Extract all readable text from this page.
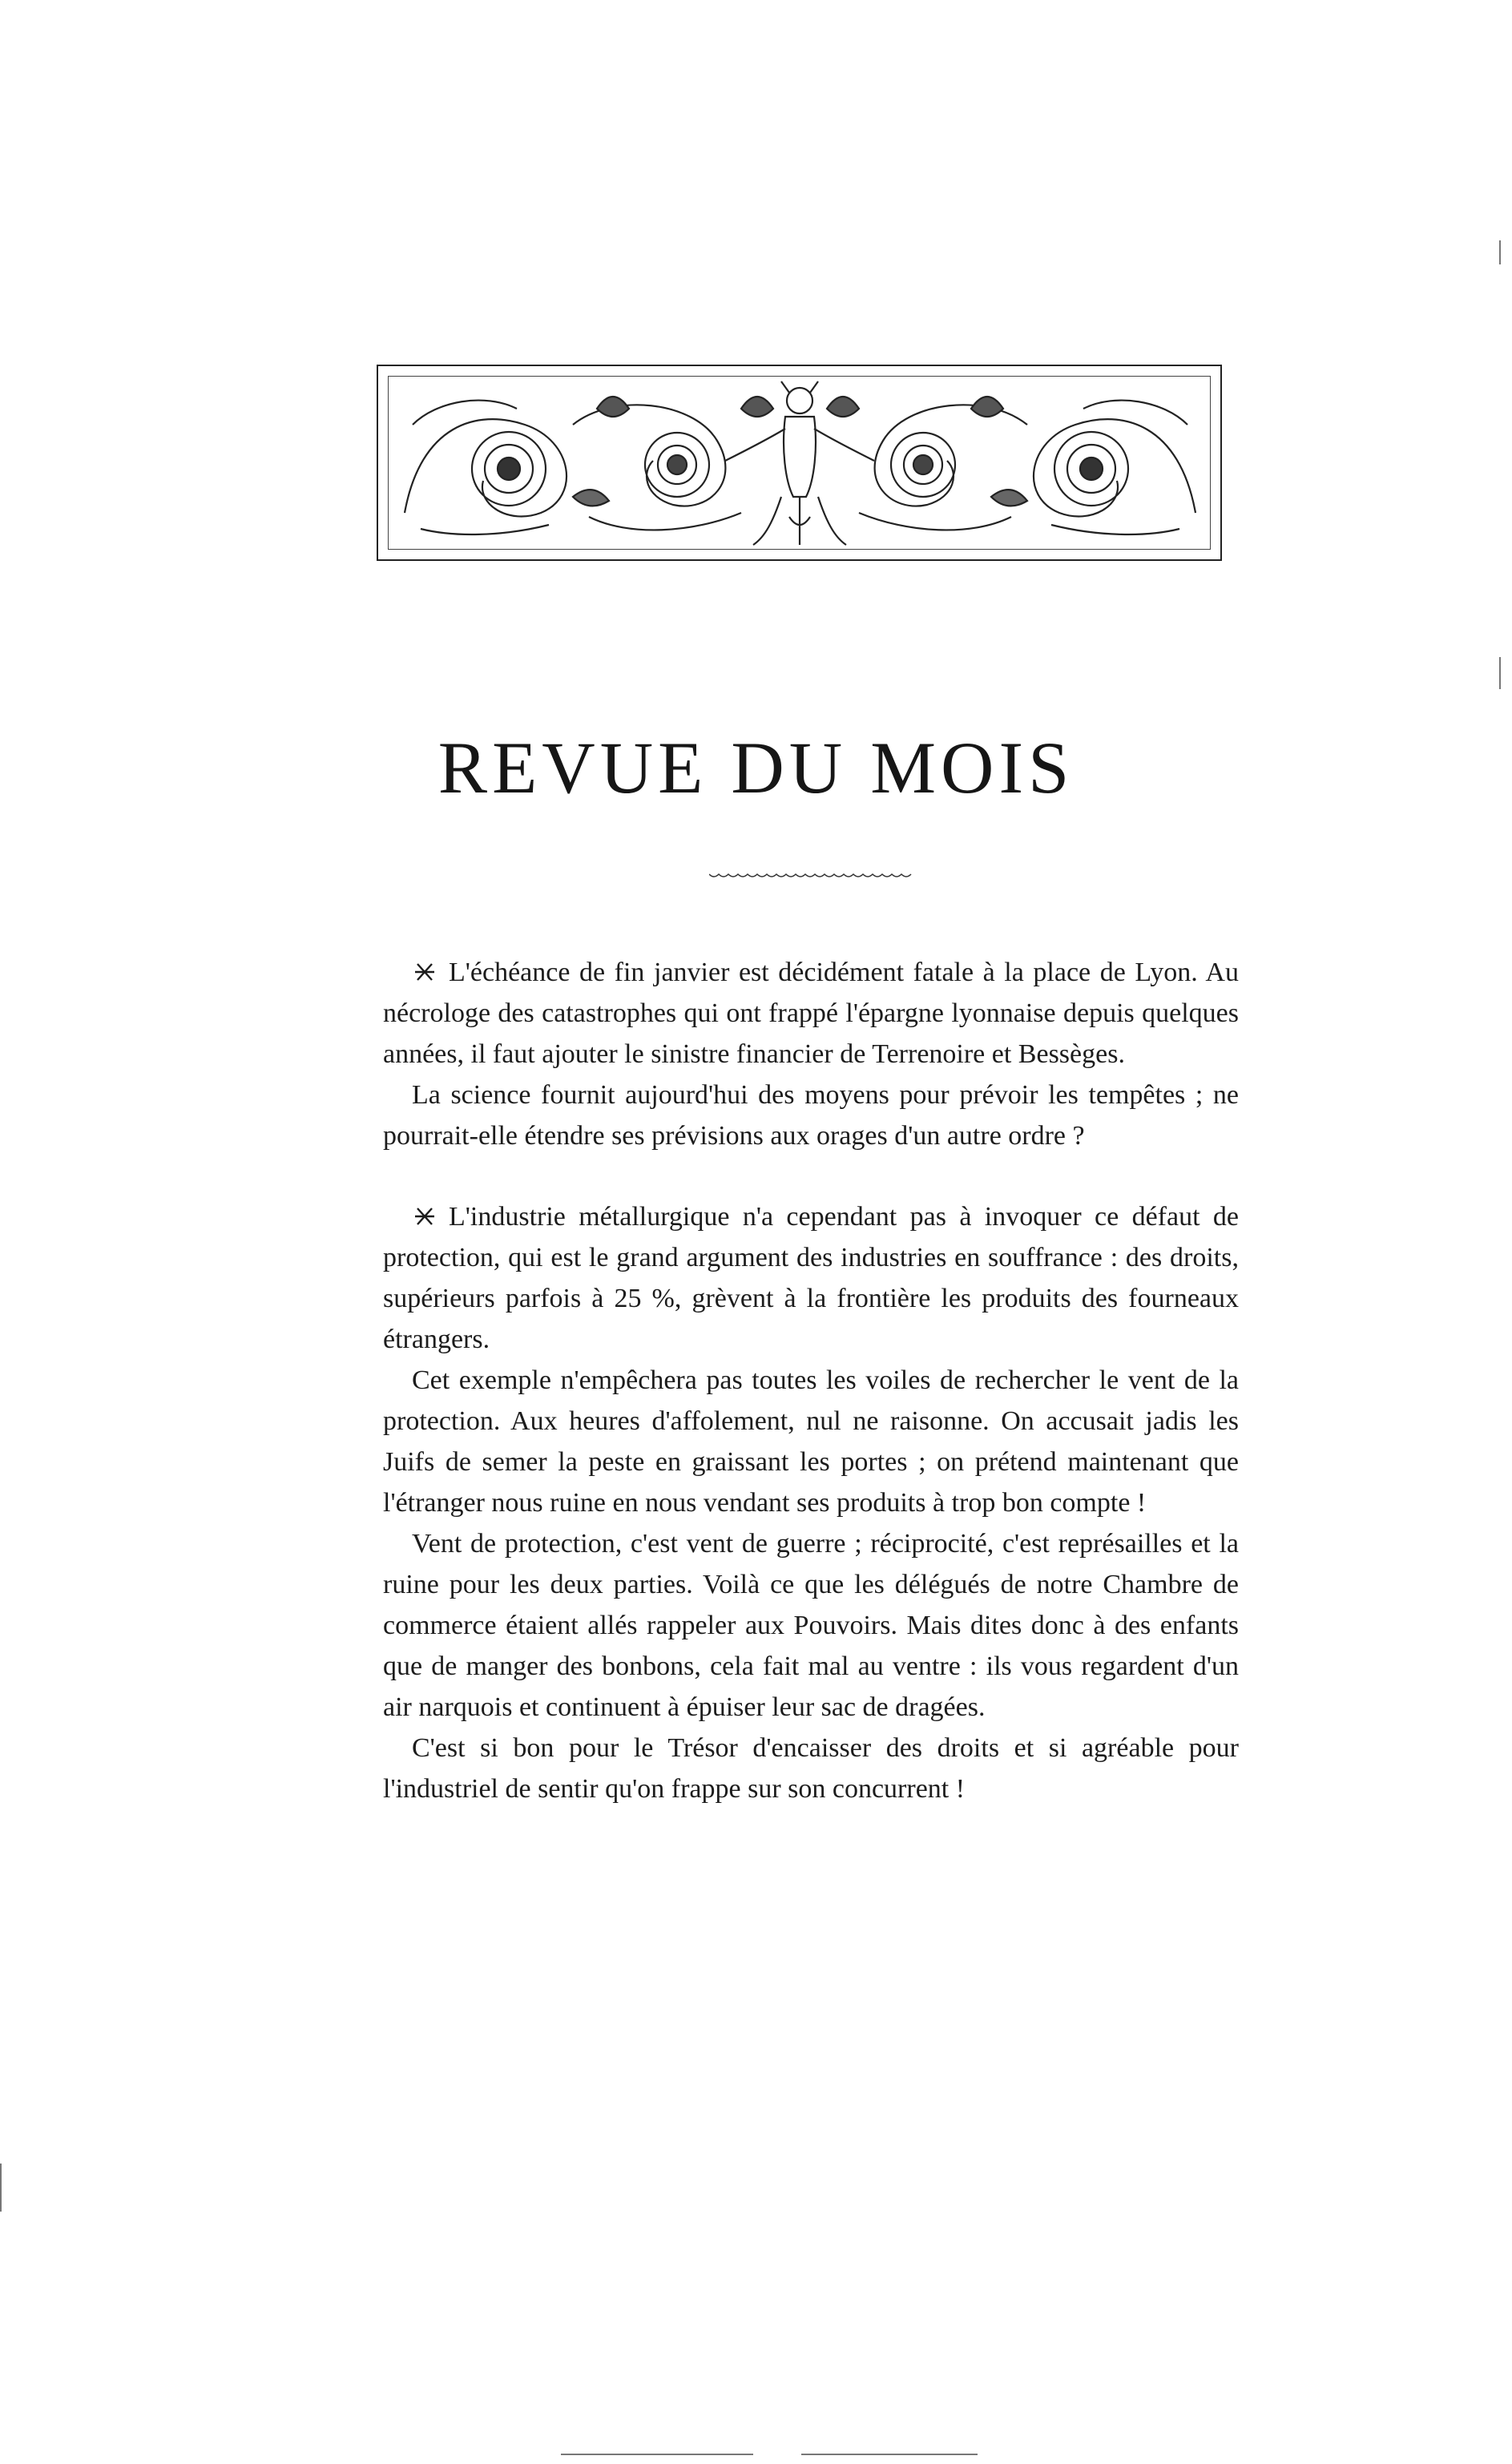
REVUE DU MOIS

L'échéance de fin janvier est décidément fatale à la place de Lyon. Au nécrologe des catastrophes qui ont frappé l'épargne lyonnaise depuis quelques années, il faut ajouter le sinistre financier de Terrenoire et Bessèges.

La science fournit aujourd'hui des moyens pour prévoir les tempêtes ; ne pourrait-elle étendre ses prévisions aux orages d'un autre ordre ?

L'industrie métallurgique n'a cependant pas à invoquer ce défaut de protection, qui est le grand argument des industries en souffrance : des droits, supérieurs parfois à 25 %, grèvent à la frontière les produits des fourneaux étrangers.

Cet exemple n'empêchera pas toutes les voiles de rechercher le vent de la protection. Aux heures d'affolement, nul ne raisonne. On accusait jadis les Juifs de semer la peste en graissant les portes ; on prétend maintenant que l'étranger nous ruine en nous vendant ses produits à trop bon compte !

Vent de protection, c'est vent de guerre ; réciprocité, c'est représailles et la ruine pour les deux parties. Voilà ce que les délégués de notre Chambre de commerce étaient allés rappeler aux Pouvoirs. Mais dites donc à des enfants que de manger des bonbons, cela fait mal au ventre : ils vous regardent d'un air narquois et continuent à épuiser leur sac de dragées.

C'est si bon pour le Trésor d'encaisser des droits et si agréable pour l'industriel de sentir qu'on frappe sur son concurrent !
